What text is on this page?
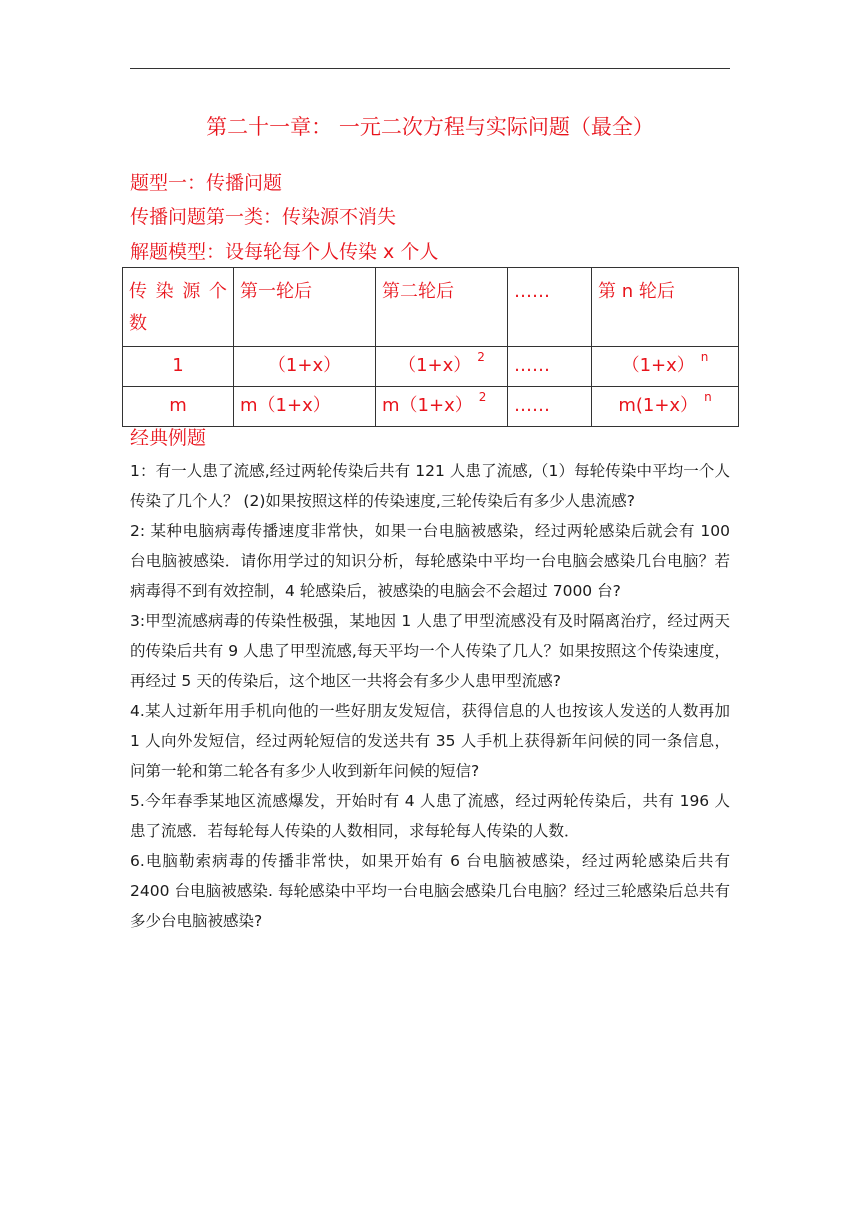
第二十一章： 一元二次方程与实际问题（最全）
题型一：传播问题
传播问题第一类：传染源不消失
解题模型：设每轮每个人传染 x 个人
传 染 源 个 数	第一轮后	第二轮后	……	第 n 轮后
1	（1+x）	（1+x） $^2$	……	（1+x） $^n$
m	m（1+x）	m（1+x） $^2$	……	m(1+x） $^n$
经典例题

1：有一人患了流感,经过两轮传染后共有 121 人患了流感,（1）每轮传染中平均一个人传染了几个人？ (2)如果按照这样的传染速度,三轮传染后有多少人患流感?

2: 某种电脑病毒传播速度非常快，如果一台电脑被感染，经过两轮感染后就会有 100 台电脑被感染．请你用学过的知识分析，每轮感染中平均一台电脑会感染几台电脑？若病毒得不到有效控制，4 轮感染后，被感染的电脑会不会超过 7000 台?

3:甲型流感病毒的传染性极强，某地因 1 人患了甲型流感没有及时隔离治疗，经过两天的传染后共有 9 人患了甲型流感,每天平均一个人传染了几人？如果按照这个传染速度，再经过 5 天的传染后，这个地区一共将会有多少人患甲型流感?

4.某人过新年用手机向他的一些好朋友发短信，获得信息的人也按该人发送的人数再加 1 人向外发短信，经过两轮短信的发送共有 35 人手机上获得新年问候的同一条信息，问第一轮和第二轮各有多少人收到新年问候的短信?

5.今年春季某地区流感爆发，开始时有 4 人患了流感，经过两轮传染后，共有 196 人患了流感．若每轮每人传染的人数相同，求每轮每人传染的人数．

6.电脑勒索病毒的传播非常快，如果开始有 6 台电脑被感染，经过两轮感染后共有 2400 台电脑被感染. 每轮感染中平均一台电脑会感染几台电脑？经过三轮感染后总共有多少台电脑被感染?
